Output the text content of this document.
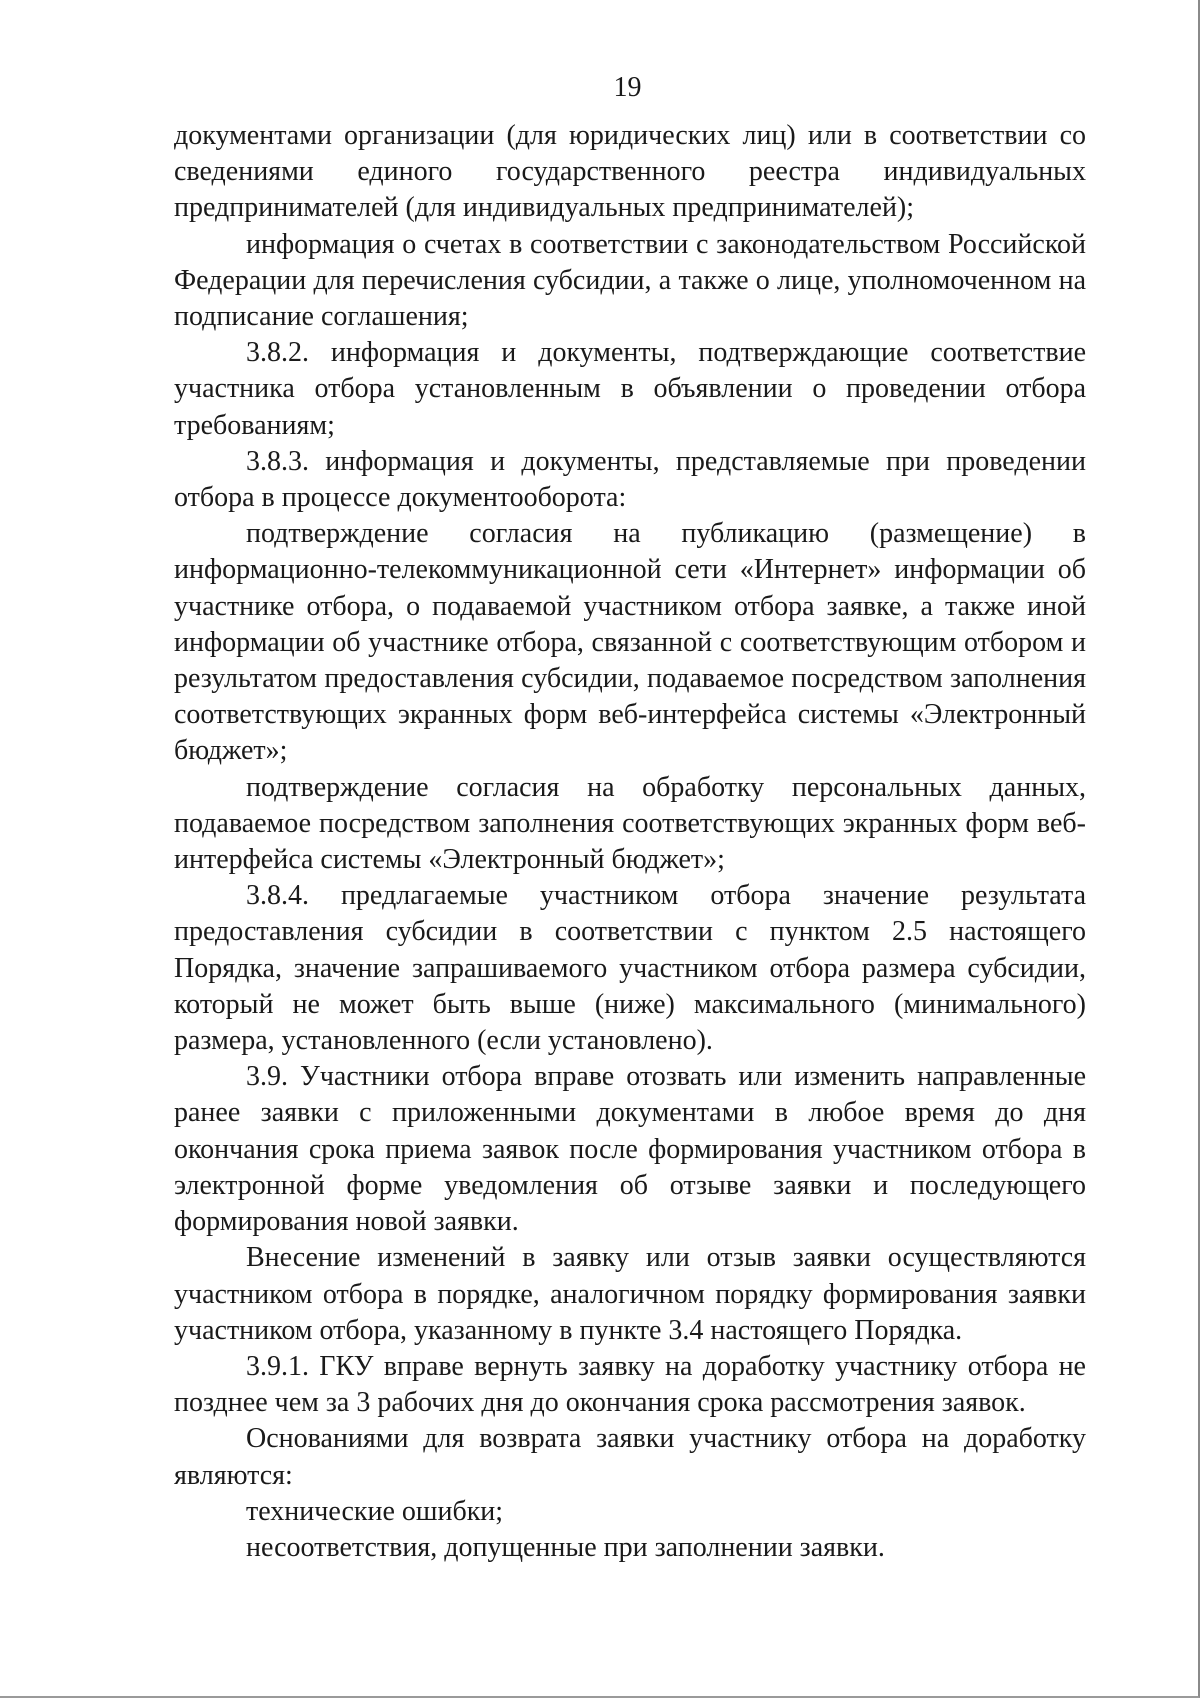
19

документами организации (для юридических лиц) или в соответствии со сведениями единого государственного реестра индивидуальных предпринимателей (для индивидуальных предпринимателей);

информация о счетах в соответствии с законодательством Российской Федерации для перечисления субсидии, а также о лице, уполномоченном на подписание соглашения;

3.8.2. информация и документы, подтверждающие соответствие участника отбора установленным в объявлении о проведении отбора требованиям;

3.8.3. информация и документы, представляемые при проведении отбора в процессе документооборота:

подтверждение согласия на публикацию (размещение) в информационно-телекоммуникационной сети «Интернет» информации об участнике отбора, о подаваемой участником отбора заявке, а также иной информации об участнике отбора, связанной с соответствующим отбором и результатом предоставления субсидии, подаваемое посредством заполнения соответствующих экранных форм веб-интерфейса системы «Электронный бюджет»;

подтверждение согласия на обработку персональных данных, подаваемое посредством заполнения соответствующих экранных форм веб-интерфейса системы «Электронный бюджет»;

3.8.4. предлагаемые участником отбора значение результата предоставления субсидии в соответствии с пунктом 2.5 настоящего Порядка, значение запрашиваемого участником отбора размера субсидии, который не может быть выше (ниже) максимального (минимального) размера, установленного (если установлено).

3.9. Участники отбора вправе отозвать или изменить направленные ранее заявки с приложенными документами в любое время до дня окончания срока приема заявок после формирования участником отбора в электронной форме уведомления об отзыве заявки и последующего формирования новой заявки.

Внесение изменений в заявку или отзыв заявки осуществляются участником отбора в порядке, аналогичном порядку формирования заявки участником отбора, указанному в пункте 3.4 настоящего Порядка.

3.9.1. ГКУ вправе вернуть заявку на доработку участнику отбора не позднее чем за 3 рабочих дня до окончания срока рассмотрения заявок.

Основаниями для возврата заявки участнику отбора на доработку являются:

технические ошибки;

несоответствия, допущенные при заполнении заявки.
